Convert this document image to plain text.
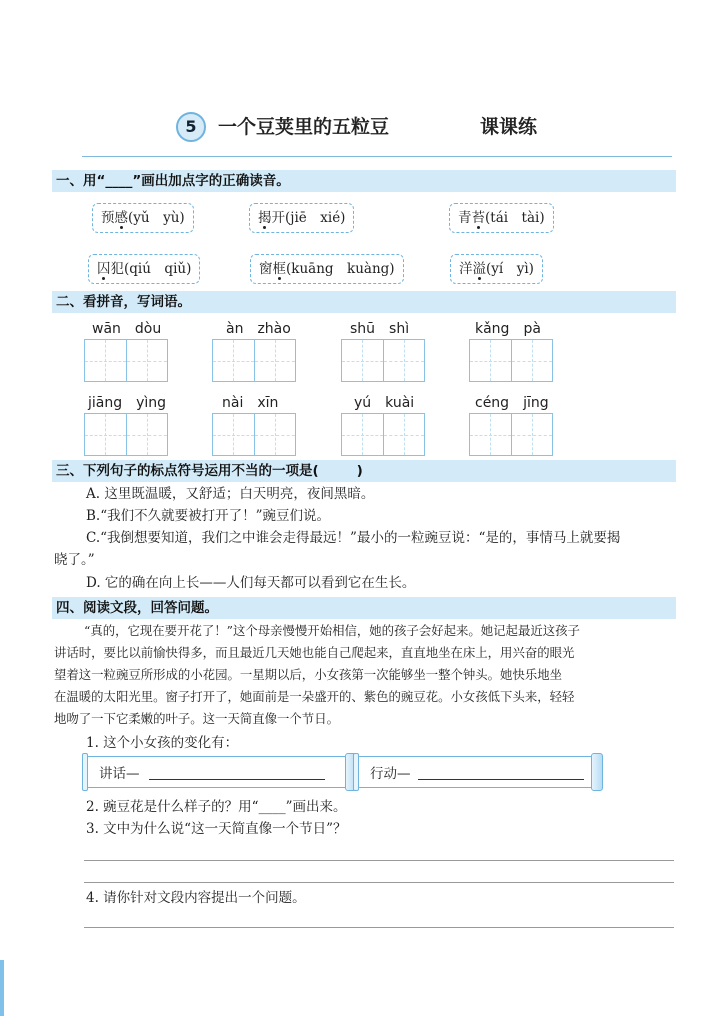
5	一个豆荚里的五粒豆	课课练
一、用“____”画出加点字的正确读音。
预感(yǔ　yù)	揭开(jiē　xié)	青苔(tái　tài)
囚犯(qiú　qiǔ)	窗框(kuāng　kuàng)	洋溢(yí　yì)
二、看拼音，写词语。
wān　dòu	àn　zhào	shū　shì	kǎng　pà
jiāng　yìng	nài　xīn	yú　kuài	céng　jīng
三、下列句子的标点符号运用不当的一项是(	)
A. 这里既温暖，又舒适；白天明亮，夜间黑暗。
B.“我们不久就要被打开了！”豌豆们说。
C.“我倒想要知道，我们之中谁会走得最远！”最小的一粒豌豆说：“是的，事情马上就要揭
晓了。”
D. 它的确在向上长——人们每天都可以看到它在生长。
四、阅读文段，回答问题。
“真的，它现在要开花了！”这个母亲慢慢开始相信，她的孩子会好起来。她记起最近这孩子
讲话时，要比以前愉快得多，而且最近几天她也能自己爬起来，直直地坐在床上，用兴奋的眼光
望着这一粒豌豆所形成的小花园。一星期以后，小女孩第一次能够坐一整个钟头。她快乐地坐
在温暖的太阳光里。窗子打开了，她面前是一朵盛开的、紫色的豌豆花。小女孩低下头来，轻轻
地吻了一下它柔嫩的叶子。这一天简直像一个节日。
1. 这个小女孩的变化有：
讲话—	行动—
2. 豌豆花是什么样子的？用“____”画出来。
3. 文中为什么说“这一天简直像一个节日”？
4. 请你针对文段内容提出一个问题。
